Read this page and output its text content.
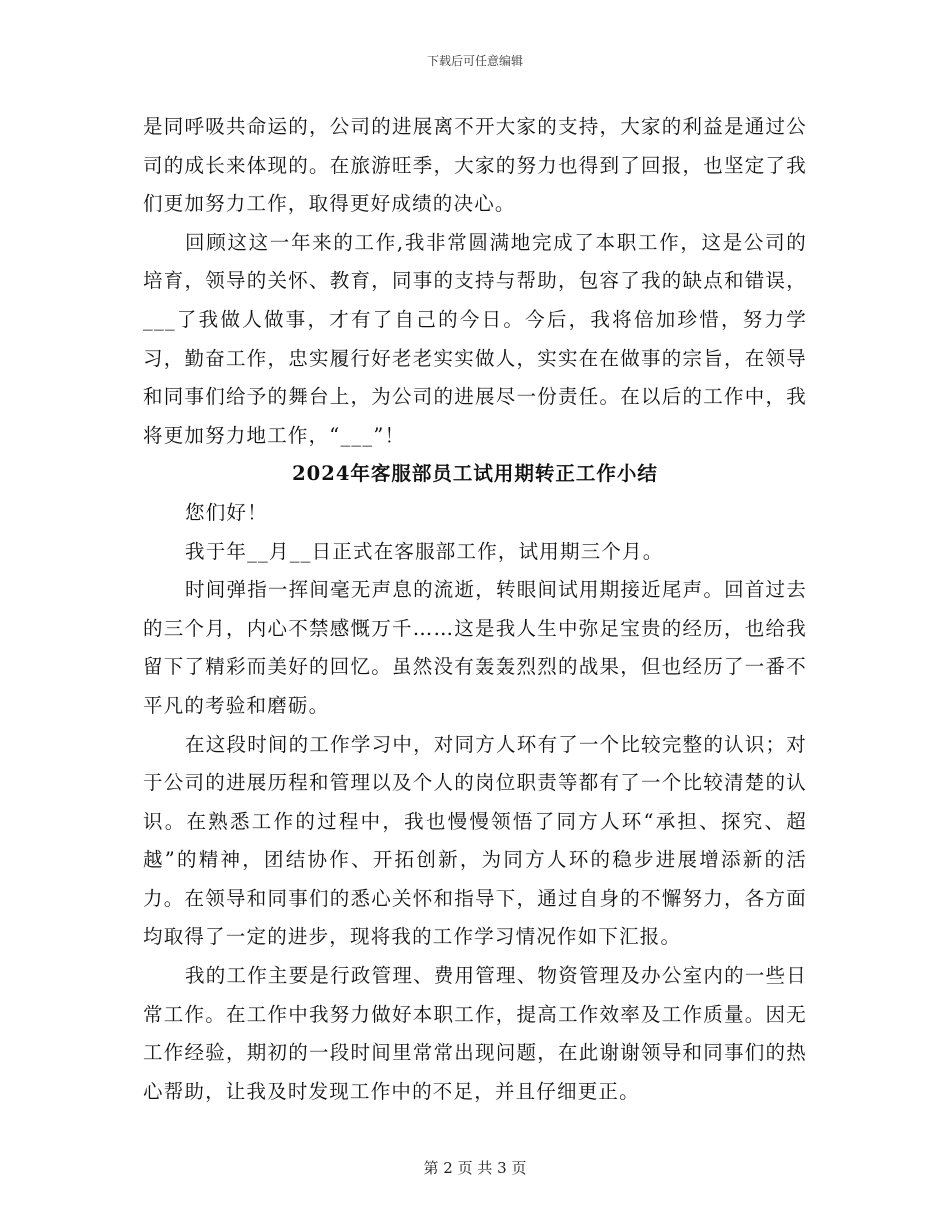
下载后可任意编辑

是同呼吸共命运的，公司的进展离不开大家的支持，大家的利益是通过公司的成长来体现的。在旅游旺季，大家的努力也得到了回报，也坚定了我们更加努力工作，取得更好成绩的决心。

回顾这这一年来的工作,我非常圆满地完成了本职工作，这是公司的培育，领导的关怀、教育，同事的支持与帮助，包容了我的缺点和错误，___了我做人做事，才有了自己的今日。今后，我将倍加珍惜，努力学习，勤奋工作，忠实履行好老老实实做人，实实在在做事的宗旨，在领导和同事们给予的舞台上，为公司的进展尽一份责任。在以后的工作中，我将更加努力地工作，“___”！

2024年客服部员工试用期转正工作小结

您们好！

我于年__月__日正式在客服部工作，试用期三个月。

时间弹指一挥间毫无声息的流逝，转眼间试用期接近尾声。回首过去的三个月，内心不禁感慨万千……这是我人生中弥足宝贵的经历，也给我留下了精彩而美好的回忆。虽然没有轰轰烈烈的战果，但也经历了一番不平凡的考验和磨砺。

在这段时间的工作学习中，对同方人环有了一个比较完整的认识；对于公司的进展历程和管理以及个人的岗位职责等都有了一个比较清楚的认识。在熟悉工作的过程中，我也慢慢领悟了同方人环“承担、探究、超越”的精神，团结协作、开拓创新，为同方人环的稳步进展增添新的活力。在领导和同事们的悉心关怀和指导下，通过自身的不懈努力，各方面均取得了一定的进步，现将我的工作学习情况作如下汇报。

我的工作主要是行政管理、费用管理、物资管理及办公室内的一些日常工作。在工作中我努力做好本职工作，提高工作效率及工作质量。因无工作经验，期初的一段时间里常常出现问题，在此谢谢领导和同事们的热心帮助，让我及时发现工作中的不足，并且仔细更正。

第 2 页 共 3 页
